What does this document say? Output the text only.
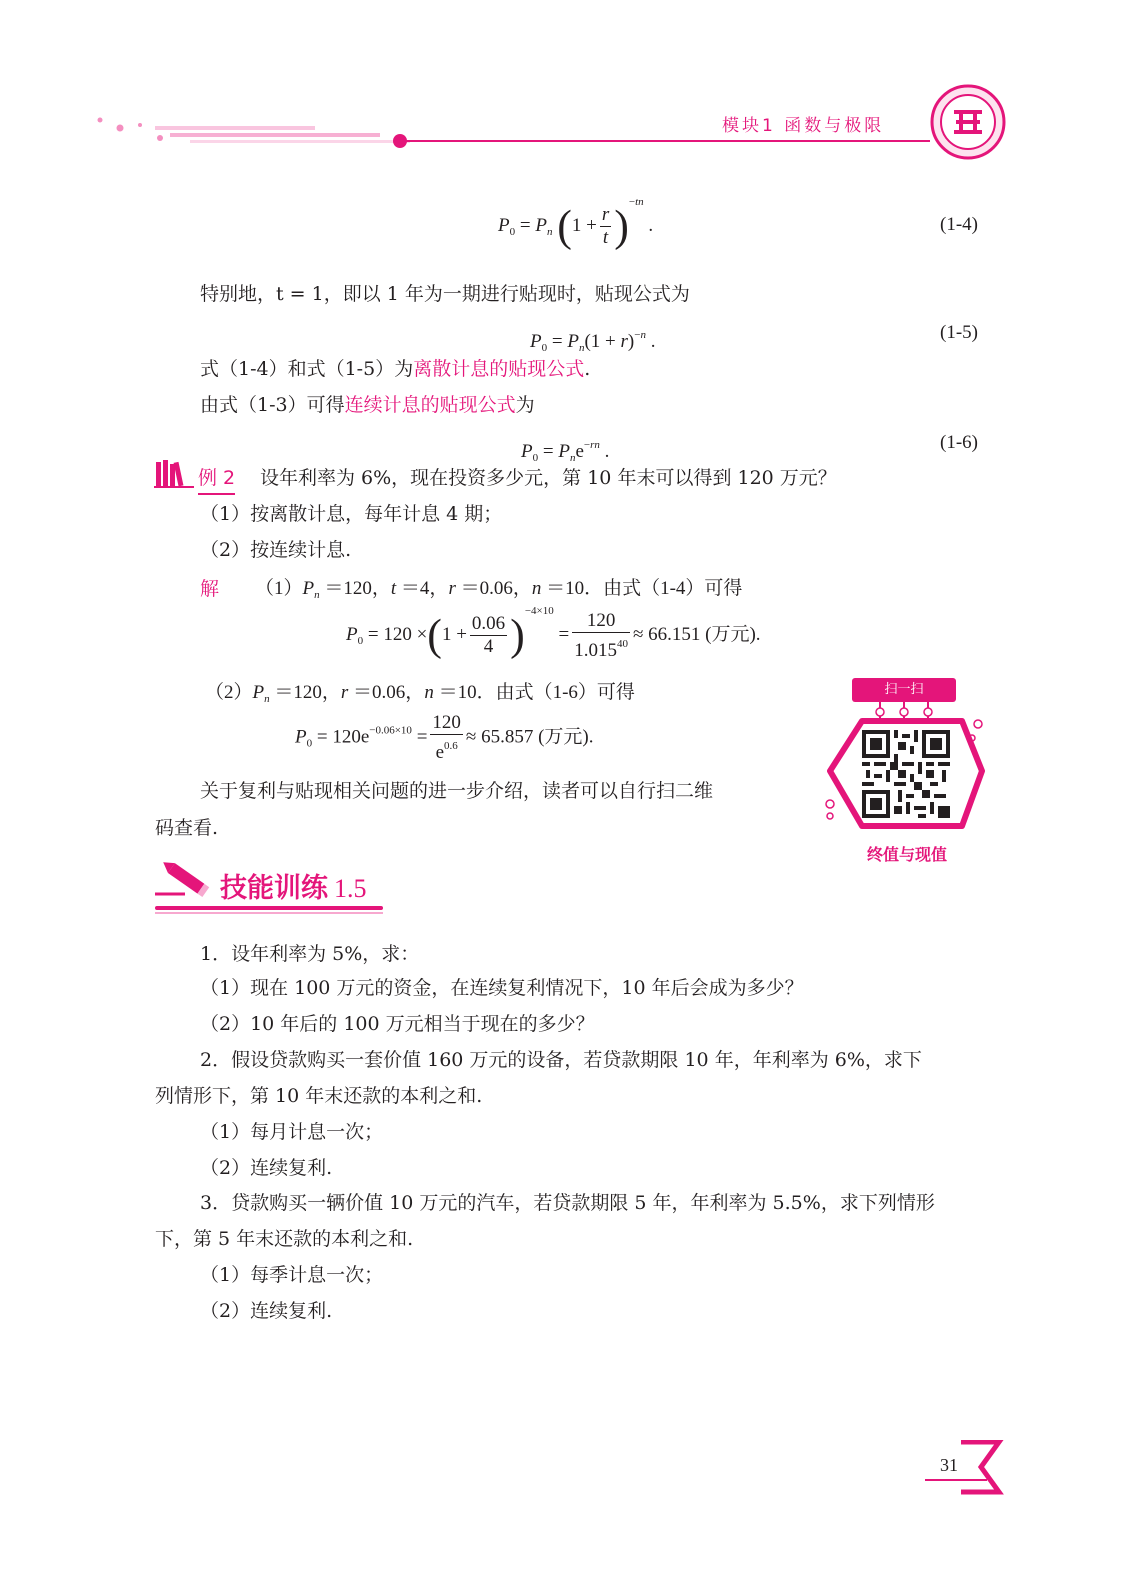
模块1 函数与极限
$P_0 = P_n$ $(1 + \frac{r}{t} )^{-tn}$ .	(1-4)
特别地，t = 1，即以 1 年为一期进行贴现时，贴现公式为
$P_0 = P_n(1 + r)^{-n}$ .	(1-5)
式（1-4）和式（1-5）为离散计息的贴现公式.
由式（1-3）可得连续计息的贴现公式为
$P_0 = P_ne^{-rn}$ .	(1-6)
例 2 设年利率为 6%，现在投资多少元，第 10 年末可以得到 120 万元？
（1）按离散计息，每年计息 4 期；
（2）按连续计息.
解 $(1)P_n =120$，t ＝4，r ＝0.06，n ＝10．由式（1-4）可得
$P_0 = 120 \times(1 + \frac{0.06}{4} )^{-4\times 10} = \frac{120}{1.015^{40}} \approx 66.151$ (万元).
$(2)P_n =120$，r ＝0.06，n ＝10．由式（1-6）可得
$P_0 = 120e^{-0.06\times 10} = \frac{120}{e^{0.6}} \approx 65.857$ (万元).
关于复利与贴现相关问题的进一步介绍，读者可以自行扫二维
码查看.
扫一扫
终值与现值
技能训练 1.5
1．设年利率为 5%，求：
（1）现在 100 万元的资金，在连续复利情况下，10 年后会成为多少？
（2）10 年后的 100 万元相当于现在的多少？
2．假设贷款购买一套价值 160 万元的设备，若贷款期限 10 年，年利率为 6%，求下
列情形下，第 10 年末还款的本利之和.
（1）每月计息一次；
（2）连续复利.
3．贷款购买一辆价值 10 万元的汽车，若贷款期限 5 年，年利率为 5.5%，求下列情形
下，第 5 年末还款的本利之和.
（1）每季计息一次；
（2）连续复利.
31
